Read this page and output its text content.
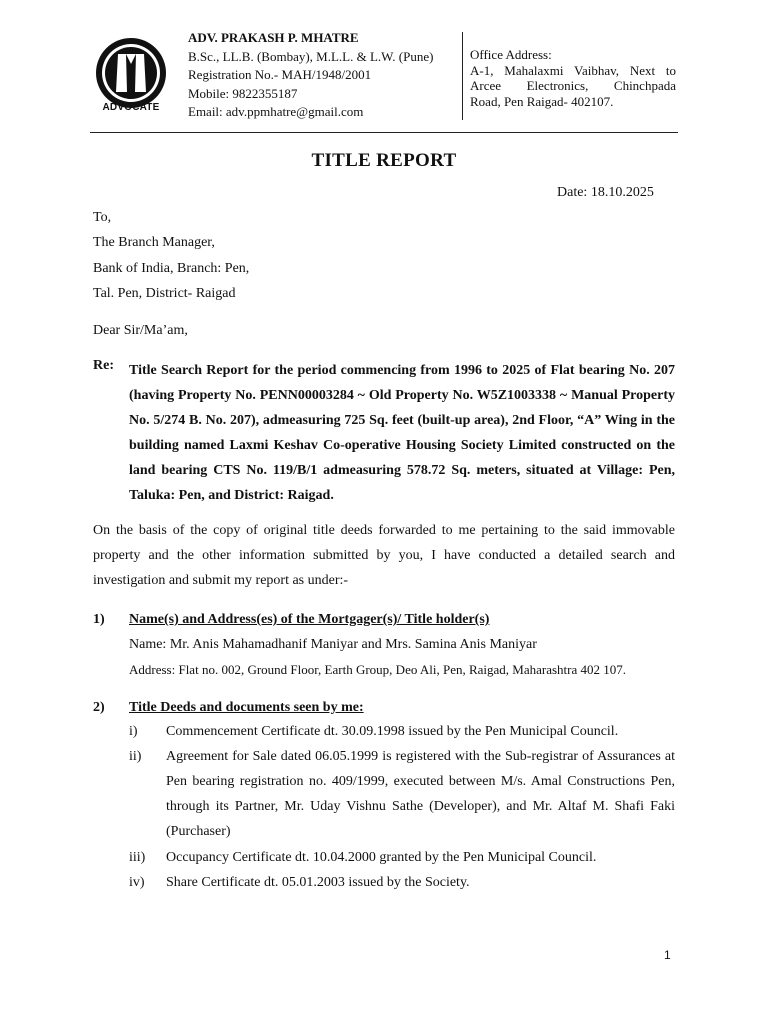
ADVOCATE
ADV. PRAKASH P. MHATRE
B.Sc., LL.B. (Bombay), M.L.L. & L.W. (Pune)
Registration No.- MAH/1948/2001
Mobile: 9822355187
Email: adv.ppmhatre@gmail.com
Office Address:
A-1, Mahalaxmi Vaibhav, Next to
Arcee Electronics, Chinchpada
Road, Pen Raigad- 402107.
TITLE REPORT
Date: 18.10.2025
To,
The Branch Manager,
Bank of India, Branch: Pen,
Tal. Pen, District- Raigad
Dear Sir/Ma’am,
Re: Title Search Report for the period commencing from 1996 to 2025 of Flat bearing No. 207 (having Property No. PENN00003284 ~ Old Property No. W5Z1003338 ~ Manual Property No. 5/274 B. No. 207), admeasuring 725 Sq. feet (built-up area), 2nd Floor, “A” Wing in the building named Laxmi Keshav Co-operative Housing Society Limited constructed on the land bearing CTS No. 119/B/1 admeasuring 578.72 Sq. meters, situated at Village: Pen, Taluka: Pen, and District: Raigad.
On the basis of the copy of original title deeds forwarded to me pertaining to the said immovable property and the other information submitted by you, I have conducted a detailed search and investigation and submit my report as under:-
1) Name(s) and Address(es) of the Mortgager(s)/ Title holder(s)
Name: Mr. Anis Mahamadhanif Maniyar and Mrs. Samina Anis Maniyar
Address: Flat no. 002, Ground Floor, Earth Group, Deo Ali, Pen, Raigad, Maharashtra 402 107.
2) Title Deeds and documents seen by me:
i) Commencement Certificate dt. 30.09.1998 issued by the Pen Municipal Council.
ii) Agreement for Sale dated 06.05.1999 is registered with the Sub-registrar of Assurances at Pen bearing registration no. 409/1999, executed between M/s. Amal Constructions Pen, through its Partner, Mr. Uday Vishnu Sathe (Developer), and Mr. Altaf M. Shafi Faki (Purchaser)
iii) Occupancy Certificate dt. 10.04.2000 granted by the Pen Municipal Council.
iv) Share Certificate dt. 05.01.2003 issued by the Society.
1
